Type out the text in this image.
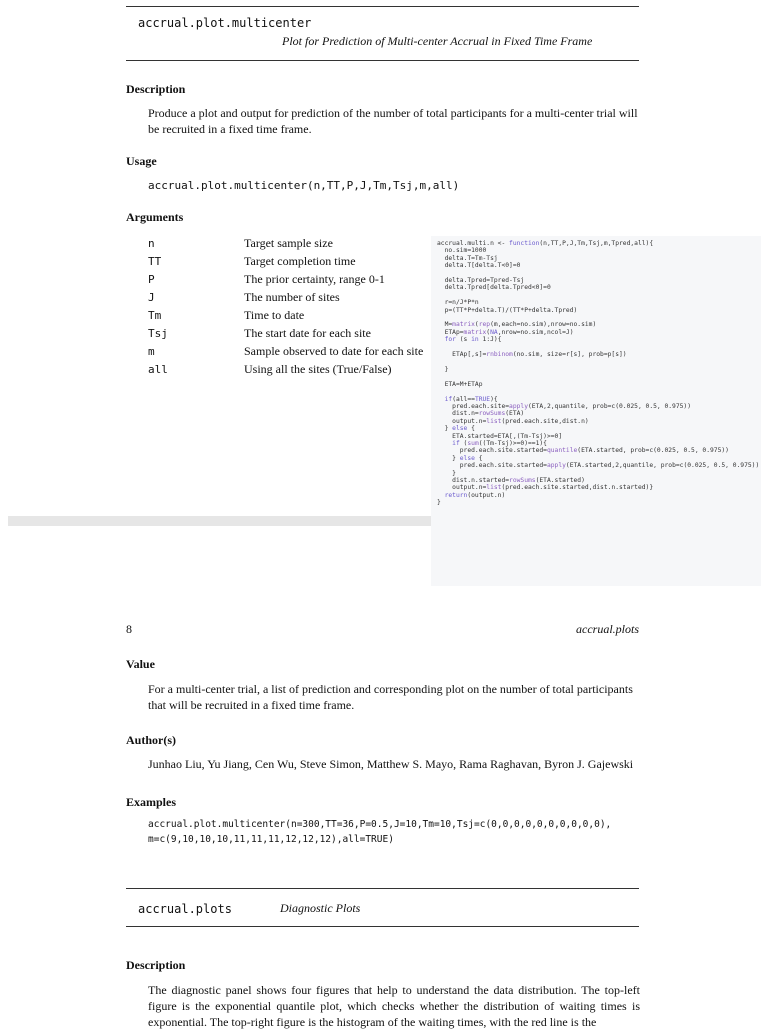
accrual.plot.multicenter
Plot for Prediction of Multi-center Accrual in Fixed Time Frame
Description
Produce a plot and output for prediction of the number of total participants for a multi-center trial will be recruited in a fixed time frame.
Usage
accrual.plot.multicenter(n,TT,P,J,Tm,Tsj,m,all)
Arguments
n	Target sample size
TT	Target completion time
P	The prior certainty, range 0-1
J	The number of sites
Tm	Time to date
Tsj	The start date for each site
m	Sample observed to date for each site
all	Using all the sites (True/False)
accrual.multi.n <- function(n,TT,P,J,Tm,Tsj,m,Tpred,all){
no.sim=1000
delta.T=Tm-Tsj
delta.T[delta.T<0]=0

delta.Tpred=Tpred-Tsj
delta.Tpred[delta.Tpred<0]=0

r=n/J*P*n
p=(TT*P+delta.T)/(TT*P+delta.Tpred)

M=matrix(rep(m,each=no.sim),nrow=no.sim)
ETAp=matrix(NA,nrow=no.sim,ncol=J)
for (s in 1:J){

ETAp[,s]=rnbinom(no.sim, size=r[s], prob=p[s])

}

ETA=M+ETAp

if(all==TRUE){
pred.each.site=apply(ETA,2,quantile, prob=c(0.025, 0.5, 0.975))
dist.n=rowSums(ETA)
output.n=list(pred.each.site,dist.n)
} else {
ETA.started=ETA[,(Tm-Tsj)>=0]
if (sum((Tm-Tsj)>=0)==1){
pred.each.site.started=quantile(ETA.started, prob=c(0.025, 0.5, 0.975))
} else {
pred.each.site.started=apply(ETA.started,2,quantile, prob=c(0.025, 0.5, 0.975))
}
dist.n.started=rowSums(ETA.started)
output.n=list(pred.each.site.started,dist.n.started)}
return(output.n)
}

8	accrual.plots
Value
For a multi-center trial, a list of prediction and corresponding plot on the number of total participants that will be recruited in a fixed time frame.
Author(s)
Junhao Liu, Yu Jiang, Cen Wu, Steve Simon, Matthew S. Mayo, Rama Raghavan, Byron J. Gajewski
Examples
accrual.plot.multicenter(n=300,TT=36,P=0.5,J=10,Tm=10,Tsj=c(0,0,0,0,0,0,0,0,0,0),
m=c(9,10,10,10,11,11,11,12,12,12),all=TRUE)
accrual.plots	Diagnostic Plots
Description
The diagnostic panel shows four figures that help to understand the data distribution. The top-left figure is the exponential quantile plot, which checks whether the distribution of waiting times is exponential. The top-right figure is the histogram of the waiting times, with the red line is the
